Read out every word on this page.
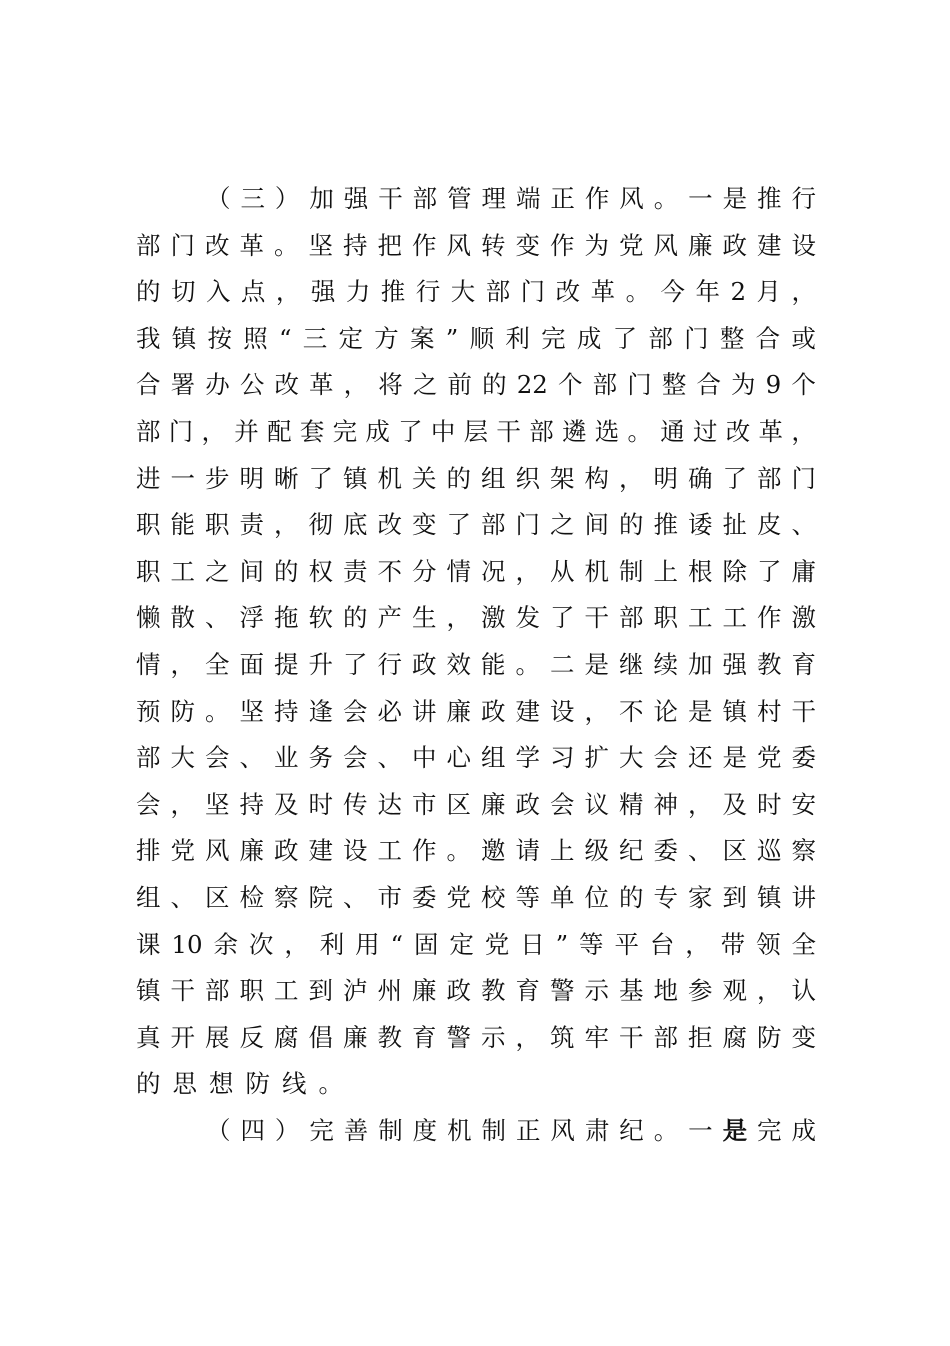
（ 三 ） 加 强 干 部 管 理 端 正 作 风 。 一 是 推 行
部 门 改 革 。 坚 持 把 作 风 转 变 作 为 党 风 廉 政 建 设
的 切 入 点 ， 强 力 推 行 大 部 门 改 革 。 今 年 2 月 ，
我 镇 按 照 “ 三 定 方 案 ” 顺 利 完 成 了 部 门 整 合 或
合 署 办 公 改 革 ， 将 之 前 的 22 个 部 门 整 合 为 9 个
部 门 ， 并 配 套 完 成 了 中 层 干 部 遴 选 。 通 过 改 革 ，
进 一 步 明 晰 了 镇 机 关 的 组 织 架 构 ， 明 确 了 部 门
职 能 职 责 ， 彻 底 改 变 了 部 门 之 间 的 推 诿 扯 皮 、
职 工 之 间 的 权 责 不 分 情 况 ， 从 机 制 上 根 除 了 庸
懒 散 、 浮 拖 软 的 产 生 ， 激 发 了 干 部 职 工 工 作 激
情 ， 全 面 提 升 了 行 政 效 能 。 二 是 继 续 加 强 教 育
预 防 。 坚 持 逢 会 必 讲 廉 政 建 设 ， 不 论 是 镇 村 干
部 大 会 、 业 务 会 、 中 心 组 学 习 扩 大 会 还 是 党 委
会 ， 坚 持 及 时 传 达 市 区 廉 政 会 议 精 神 ， 及 时 安
排 党 风 廉 政 建 设 工 作 。 邀 请 上 级 纪 委 、 区 巡 察
组 、 区 检 察 院 、 市 委 党 校 等 单 位 的 专 家 到 镇 讲
课 10 余 次 ， 利 用 “ 固 定 党 日 ” 等 平 台 ， 带 领 全
镇 干 部 职 工 到 泸 州 廉 政 教 育 警 示 基 地 参 观 ， 认
真 开 展 反 腐 倡 廉 教 育 警 示 ， 筑 牢 干 部 拒 腐 防 变
的 思 想 防 线 。
（ 四 ） 完 善 制 度 机 制 正 风 肃 纪 。 一 是 完 成
